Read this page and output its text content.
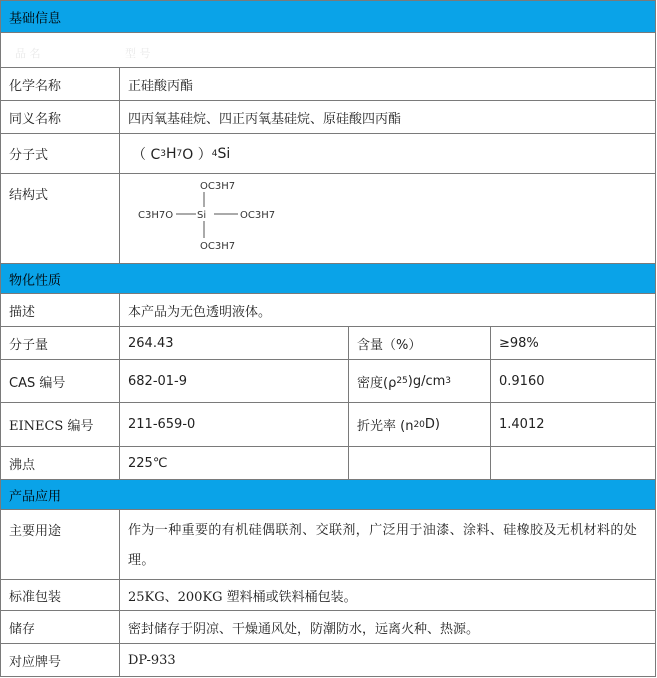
基础信息
品 名	型 号
化学名称	正硅酸丙酯
同义名称	四丙氧基硅烷、四正丙氧基硅烷、原硅酸四丙酯
分子式	（ C 3 H 7 O ） 4 Si
结构式
Si
OC3H7
C3H7O	OC3H7
OC3H7
物化性质
描述	本产品为无色透明液体。
分子量	264.43	含量（%）	≥98%
CAS 编号	682-01-9	密度(ρ 25 )g/cm 3	0.9160
EINECS 编号	211-659-0	折光率 (n 20 D)	1.4012
沸点	225℃
产品应用
主要用途	作为一种重要的有机硅偶联剂、交联剂，广泛用于油漆、涂料、硅橡胶及无机材料的处理。
标准包装	25KG、200KG 塑料桶或铁料桶包装。
储存	密封储存于阴凉、干燥通风处，防潮防水，远离火种、热源。
对应牌号	DP-933
